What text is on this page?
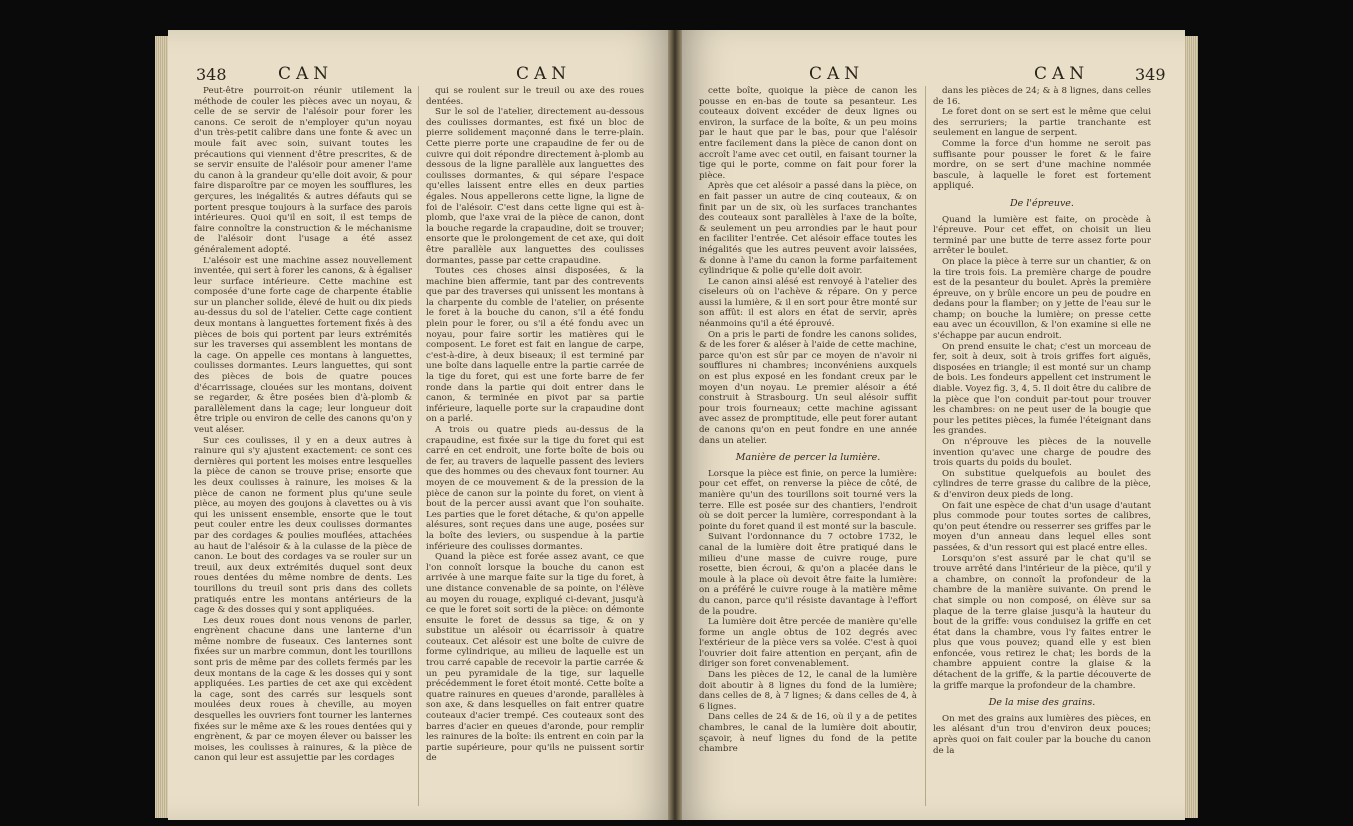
348	CAN	CAN

Peut-être pourroit-on réunir utilement la méthode de couler les pièces avec un noyau, & celle de se servir de l'alésoir pour forer les canons. Ce seroit de n'employer qu'un noyau d'un très-petit calibre dans une fonte & avec un moule fait avec soin, suivant toutes les précautions qui viennent d'être prescrites, & de se servir ensuite de l'alésoir pour amener l'ame du canon à la grandeur qu'elle doit avoir, & pour faire disparoître par ce moyen les soufflures, les gerçures, les inégalités & autres défauts qui se portent presque toujours à la surface des parois intérieures. Quoi qu'il en soit, il est temps de faire connoître la construction & le méchanisme de l'alésoir dont l'usage a été assez généralement adopté.

L'alésoir est une machine assez nouvellement inventée, qui sert à forer les canons, & à égaliser leur surface intérieure. Cette machine est composée d'une forte cage de charpente établie sur un plancher solide, élevé de huit ou dix pieds au-dessus du sol de l'atelier. Cette cage contient deux montans à languettes fortement fixés à des pièces de bois qui portent par leurs extrémités sur les traverses qui assemblent les montans de la cage. On appelle ces montans à languettes, coulisses dormantes. Leurs languettes, qui sont des pièces de bois de quatre pouces d'écarrissage, clouées sur les montans, doivent se regarder, & être posées bien d'à-plomb & parallèlement dans la cage; leur longueur doit être triple ou environ de celle des canons qu'on y veut aléser.

Sur ces coulisses, il y en a deux autres à rainure qui s'y ajustent exactement: ce sont ces dernières qui portent les moises entre lesquelles la pièce de canon se trouve prise; ensorte que les deux coulisses à rainure, les moises & la pièce de canon ne forment plus qu'une seule pièce, au moyen des goujons à clavettes ou à vis qui les unissent ensemble, ensorte que le tout peut couler entre les deux coulisses dormantes par des cordages & poulies mouflées, attachées au haut de l'alésoir & à la culasse de la pièce de canon. Le bout des cordages va se rouler sur un treuil, aux deux extrémités duquel sont deux roues dentées du même nombre de dents. Les tourillons du treuil sont pris dans des collets pratiqués entre les montans antérieurs de la cage & des dosses qui y sont appliquées.

Les deux roues dont nous venons de parler, engrènent chacune dans une lanterne d'un même nombre de fuseaux. Ces lanternes sont fixées sur un marbre commun, dont les tourillons sont pris de même par des collets fermés par les deux montans de la cage & les dosses qui y sont appliquées. Les parties de cet axe qui excèdent la cage, sont des carrés sur lesquels sont moulées deux roues à cheville, au moyen desquelles les ouvriers font tourner les lanternes fixées sur le même axe & les roues dentées qui y engrènent, & par ce moyen élever ou baisser les moises, les coulisses à rainures, & la pièce de canon qui leur est assujettie par les cordages

qui se roulent sur le treuil ou axe des roues dentées.

Sur le sol de l'atelier, directement au-dessous des coulisses dormantes, est fixé un bloc de pierre solidement maçonné dans le terre-plain. Cette pierre porte une crapaudine de fer ou de cuivre qui doit répondre directement à-plomb au dessous de la ligne parallèle aux languettes des coulisses dormantes, & qui sépare l'espace qu'elles laissent entre elles en deux parties égales. Nous appellerons cette ligne, la ligne de foi de l'alésoir. C'est dans cette ligne qui est à-plomb, que l'axe vrai de la pièce de canon, dont la bouche regarde la crapaudine, doit se trouver; ensorte que le prolongement de cet axe, qui doit être parallèle aux languettes des coulisses dormantes, passe par cette crapaudine.

Toutes ces choses ainsi disposées, & la machine bien affermie, tant par des contrevents que par des traverses qui unissent les montans à la charpente du comble de l'atelier, on présente le foret à la bouche du canon, s'il a été fondu plein pour le forer, ou s'il a été fondu avec un noyau, pour faire sortir les matières qui le composent. Le foret est fait en langue de carpe, c'est-à-dire, à deux biseaux; il est terminé par une boîte dans laquelle entre la partie carrée de la tige du foret, qui est une forte barre de fer ronde dans la partie qui doit entrer dans le canon, & terminée en pivot par sa partie inférieure, laquelle porte sur la crapaudine dont on a parlé.

A trois ou quatre pieds au-dessus de la crapaudine, est fixée sur la tige du foret qui est carré en cet endroit, une forte boîte de bois ou de fer, au travers de laquelle passent des leviers que des hommes ou des chevaux font tourner. Au moyen de ce mouvement & de la pression de la pièce de canon sur la pointe du foret, on vient à bout de la percer aussi avant que l'on souhaite. Les parties que le foret détache, & qu'on appelle alésures, sont reçues dans une auge, posées sur la boîte des leviers, ou suspendue à la partie inférieure des coulisses dormantes.

Quand la pièce est forée assez avant, ce que l'on connoît lorsque la bouche du canon est arrivée à une marque faite sur la tige du foret, à une distance convenable de sa pointe, on l'élève au moyen du rouage, expliqué ci-devant, jusqu'à ce que le foret soit sorti de la pièce: on démonte ensuite le foret de dessus sa tige, & on y substitue un alésoir ou écarrissoir à quatre couteaux. Cet alésoir est une boîte de cuivre de forme cylindrique, au milieu de laquelle est un trou carré capable de recevoir la partie carrée & un peu pyramidale de la tige, sur laquelle précédemment le foret étoit monté. Cette boîte a quatre rainures en queues d'aronde, parallèles à son axe, & dans lesquelles on fait entrer quatre couteaux d'acier trempé. Ces couteaux sont des barres d'acier en queues d'aronde, pour remplir les rainures de la boîte: ils entrent en coin par la partie supérieure, pour qu'ils ne puissent sortir de

CAN	CAN	349

cette boîte, quoique la pièce de canon les pousse en en-bas de toute sa pesanteur. Les couteaux doivent excéder de deux lignes ou environ, la surface de la boîte, & un peu moins par le haut que par le bas, pour que l'alésoir entre facilement dans la pièce de canon dont on accroît l'ame avec cet outil, en faisant tourner la tige qui le porte, comme on fait pour forer la pièce.

Après que cet alésoir a passé dans la pièce, on en fait passer un autre de cinq couteaux, & on finit par un de six, où les surfaces tranchantes des couteaux sont parallèles à l'axe de la boîte, & seulement un peu arrondies par le haut pour en faciliter l'entrée. Cet alésoir efface toutes les inégalités que les autres peuvent avoir laissées, & donne à l'ame du canon la forme parfaitement cylindrique & polie qu'elle doit avoir.

Le canon ainsi alésé est renvoyé à l'atelier des ciseleurs où on l'achève & répare. On y perce aussi la lumière, & il en sort pour être monté sur son affût: il est alors en état de servir, après néanmoins qu'il a été éprouvé.

On a pris le parti de fondre les canons solides, & de les forer & aléser à l'aide de cette machine, parce qu'on est sûr par ce moyen de n'avoir ni soufflures ni chambres; inconvéniens auxquels on est plus exposé en les fondant creux par le moyen d'un noyau. Le premier alésoir a été construit à Strasbourg. Un seul alésoir suffit pour trois fourneaux; cette machine agissant avec assez de promptitude, elle peut forer autant de canons qu'on en peut fondre en une année dans un atelier.

Manière de percer la lumière.

Lorsque la pièce est finie, on perce la lumière: pour cet effet, on renverse la pièce de côté, de manière qu'un des tourillons soit tourné vers la terre. Elle est posée sur des chantiers, l'endroit où se doit percer la lumière, correspondant à la pointe du foret quand il est monté sur la bascule.

Suivant l'ordonnance du 7 octobre 1732, le canal de la lumière doit être pratiqué dans le milieu d'une masse de cuivre rouge, pure rosette, bien écroui, & qu'on a placée dans le moule à la place où devoit être faite la lumière: on a préféré le cuivre rouge à la matière même du canon, parce qu'il résiste davantage à l'effort de la poudre.

La lumière doit être percée de manière qu'elle forme un angle obtus de 102 degrés avec l'extérieur de la pièce vers sa volée. C'est à quoi l'ouvrier doit faire attention en perçant, afin de diriger son foret convenablement.

Dans les pièces de 12, le canal de la lumière doit aboutir à 8 lignes du fond de la lumière; dans celles de 8, à 7 lignes; & dans celles de 4, à 6 lignes.

Dans celles de 24 & de 16, où il y a de petites chambres, le canal de la lumière doit aboutir, sçavoir, à neuf lignes du fond de la petite chambre

dans les pièces de 24; & à 8 lignes, dans celles de 16.

Le foret dont on se sert est le même que celui des serruriers; la partie tranchante est seulement en langue de serpent.

Comme la force d'un homme ne seroit pas suffisante pour pousser le foret & le faire mordre, on se sert d'une machine nommée bascule, à laquelle le foret est fortement appliqué.

De l'épreuve.

Quand la lumière est faite, on procède à l'épreuve. Pour cet effet, on choisit un lieu terminé par une butte de terre assez forte pour arrêter le boulet.

On place la pièce à terre sur un chantier, & on la tire trois fois. La première charge de poudre est de la pesanteur du boulet. Après la première épreuve, on y brûle encore un peu de poudre en dedans pour la flamber; on y jette de l'eau sur le champ; on bouche la lumière; on presse cette eau avec un écouvillon, & l'on examine si elle ne s'échappe par aucun endroit.

On prend ensuite le chat; c'est un morceau de fer, soit à deux, soit à trois griffes fort aiguës, disposées en triangle; il est monté sur un champ de bois. Les fondeurs appellent cet instrument le diable. Voyez fig. 3, 4, 5. Il doit être du calibre de la pièce que l'on conduit par-tout pour trouver les chambres: on ne peut user de la bougie que pour les petites pièces, la fumée l'éteignant dans les grandes.

On n'éprouve les pièces de la nouvelle invention qu'avec une charge de poudre des trois quarts du poids du boulet.

On substitue quelquefois au boulet des cylindres de terre grasse du calibre de la pièce, & d'environ deux pieds de long.

On fait une espèce de chat d'un usage d'autant plus commode pour toutes sortes de calibres, qu'on peut étendre ou resserrer ses griffes par le moyen d'un anneau dans lequel elles sont passées, & d'un ressort qui est placé entre elles.

Lorsqu'on s'est assuré par le chat qu'il se trouve arrêté dans l'intérieur de la pièce, qu'il y a chambre, on connoît la profondeur de la chambre de la manière suivante. On prend le chat simple ou non composé, on élève sur sa plaque de la terre glaise jusqu'à la hauteur du bout de la griffe: vous conduisez la griffe en cet état dans la chambre, vous l'y faites entrer le plus que vous pouvez; quand elle y est bien enfoncée, vous retirez le chat; les bords de la chambre appuient contre la glaise & la détachent de la griffe, & la partie découverte de la griffe marque la profondeur de la chambre.

De la mise des grains.

On met des grains aux lumières des pièces, en les alésant d'un trou d'environ deux pouces; après quoi on fait couler par la bouche du canon de la
